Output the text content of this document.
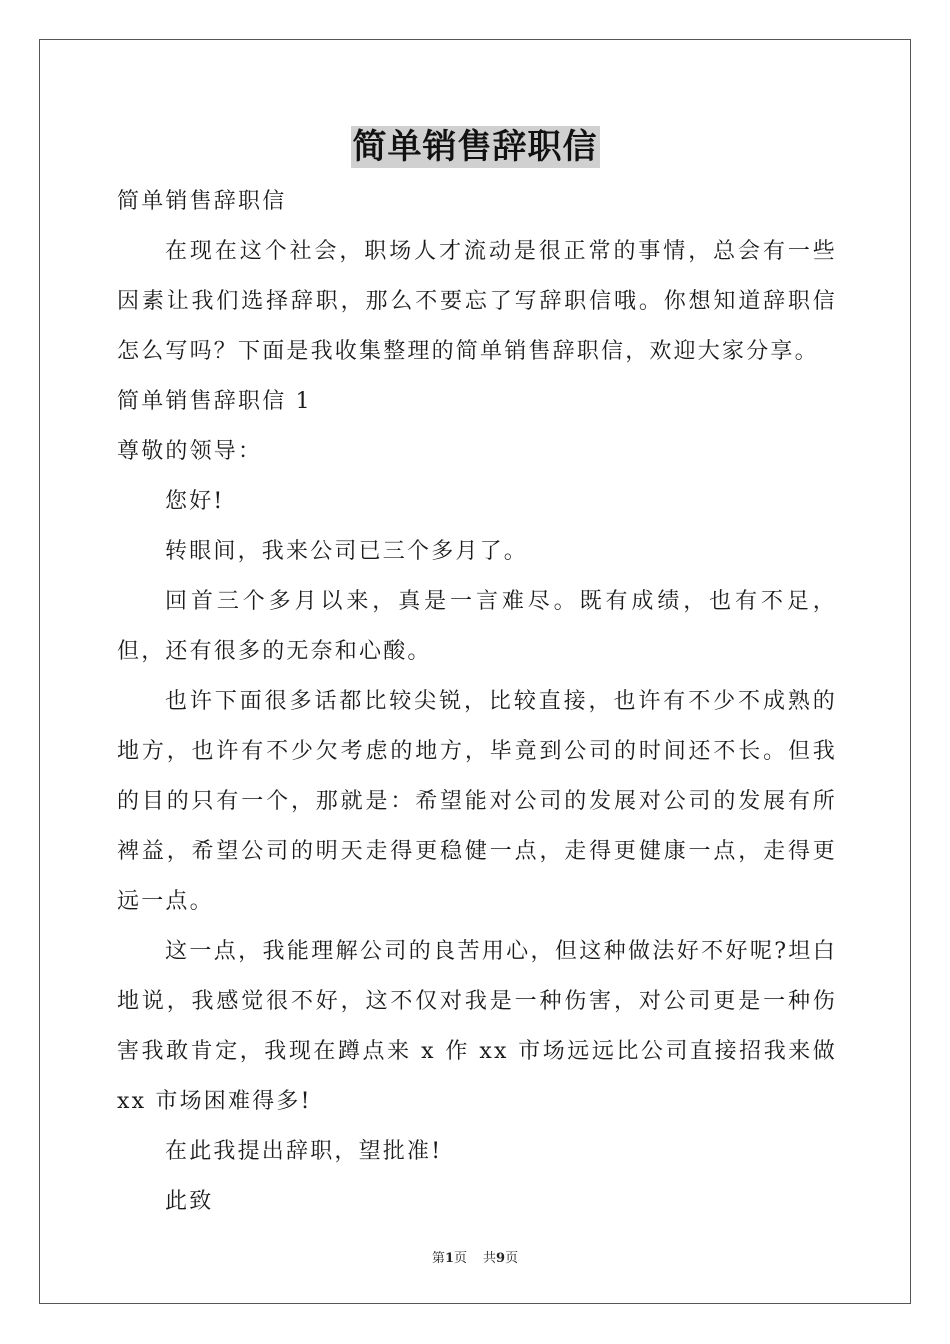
简单销售辞职信

简单销售辞职信

在现在这个社会，职场人才流动是很正常的事情，总会有一些因素让我们选择辞职，那么不要忘了写辞职信哦。你想知道辞职信怎么写吗？下面是我收集整理的简单销售辞职信，欢迎大家分享。

简单销售辞职信 1

尊敬的领导：

您好!

转眼间，我来公司已三个多月了。

回首三个多月以来，真是一言难尽。既有成绩，也有不足，但，还有很多的无奈和心酸。

也许下面很多话都比较尖锐，比较直接，也许有不少不成熟的地方，也许有不少欠考虑的地方，毕竟到公司的时间还不长。但我的目的只有一个，那就是：希望能对公司的发展对公司的发展有所裨益，希望公司的明天走得更稳健一点，走得更健康一点，走得更远一点。

这一点，我能理解公司的良苦用心，但这种做法好不好呢?坦白地说，我感觉很不好，这不仅对我是一种伤害，对公司更是一种伤害我敢肯定，我现在蹲点来 x 作 xx 市场远远比公司直接招我来做 xx 市场困难得多!

在此我提出辞职，望批准!

此致

第1页 共9页
